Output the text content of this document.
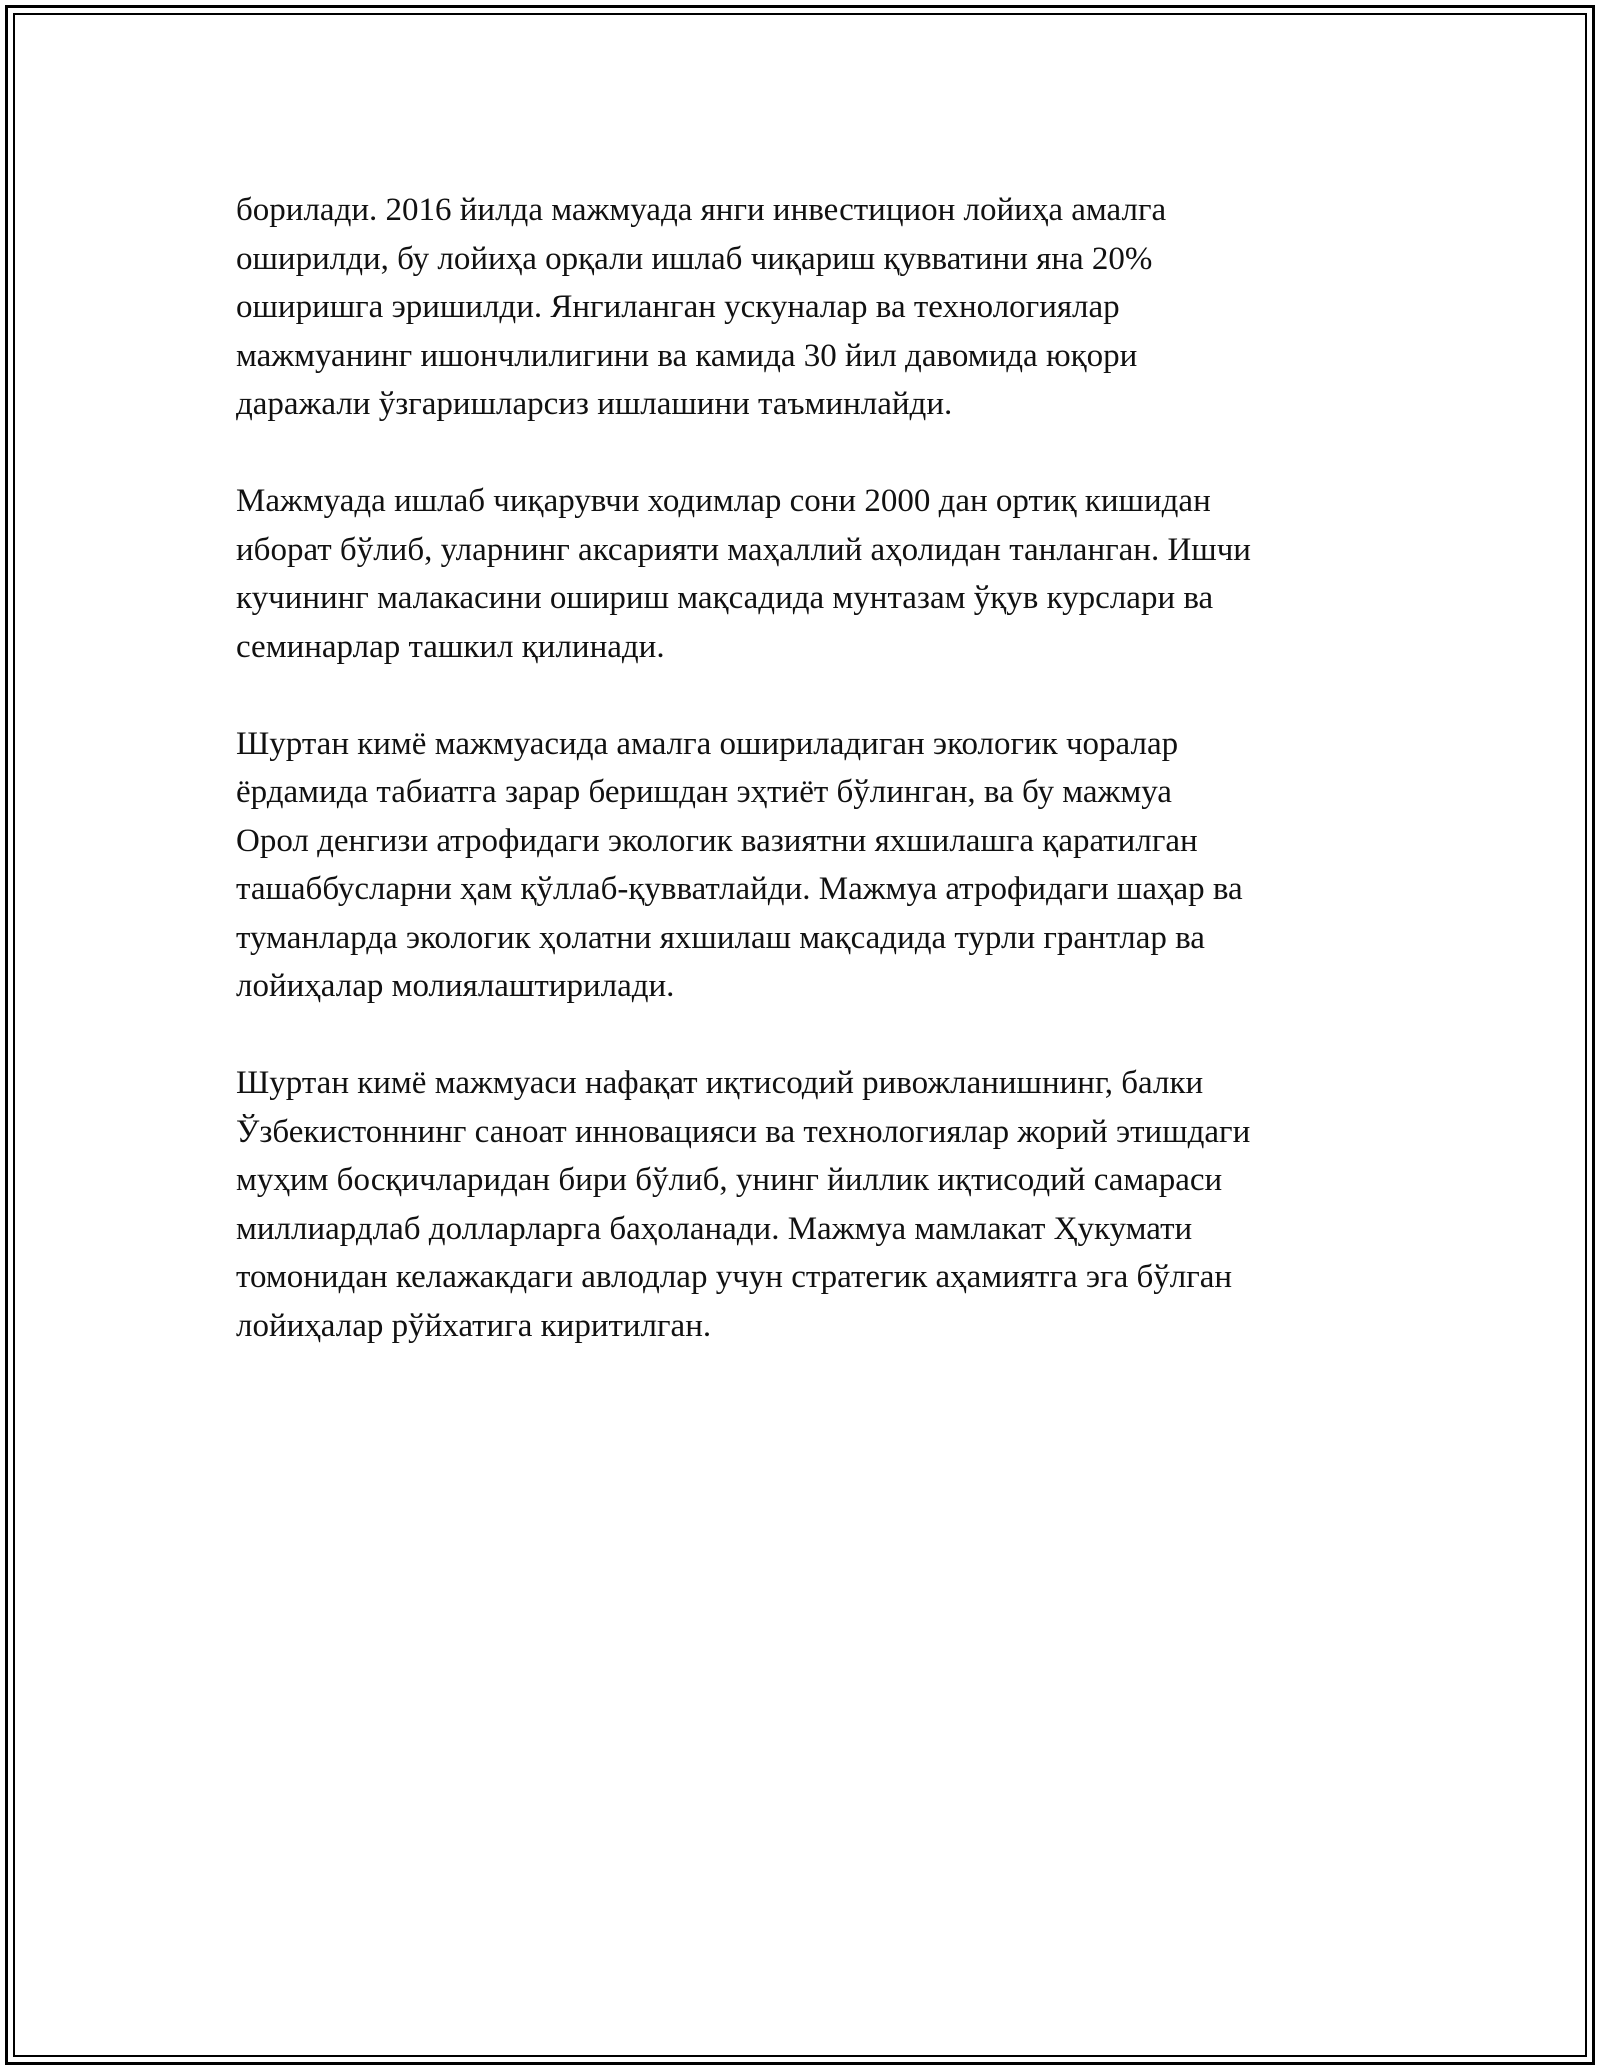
борилади. 2016 йилда мажмуада янги инвестицион лойиҳа амалга
оширилди, бу лойиҳа орқали ишлаб чиқариш қувватини яна 20%
оширишга эришилди. Янгиланган ускуналар ва технологиялар
мажмуанинг ишончлилигини ва камида 30 йил давомида юқори
даражали ўзгаришларсиз ишлашини таъминлайди.

Мажмуада ишлаб чиқарувчи ходимлар сони 2000 дан ортиқ кишидан
иборат бўлиб, уларнинг аксарияти маҳаллий аҳолидан танланган. Ишчи
кучининг малакасини ошириш мақсадида мунтазам ўқув курслари ва
семинарлар ташкил қилинади.

Шуртан кимё мажмуасида амалга ошириладиган экологик чоралар
ёрдамида табиатга зарар беришдан эҳтиёт бўлинган, ва бу мажмуа
Орол денгизи атрофидаги экологик вазиятни яхшилашга қаратилган
ташаббусларни ҳам қўллаб-қувватлайди. Мажмуа атрофидаги шаҳар ва
туманларда экологик ҳолатни яхшилаш мақсадида турли грантлар ва
лойиҳалар молиялаштирилади.

Шуртан кимё мажмуаси нафақат иқтисодий ривожланишнинг, балки
Ўзбекистоннинг саноат инновацияси ва технологиялар жорий этишдаги
муҳим босқичларидан бири бўлиб, унинг йиллик иқтисодий самараси
миллиардлаб долларларга баҳоланади. Мажмуа мамлакат Ҳукумати
томонидан келажакдаги авлодлар учун стратегик аҳамиятга эга бўлган
лойиҳалар рўйхатига киритилган.
